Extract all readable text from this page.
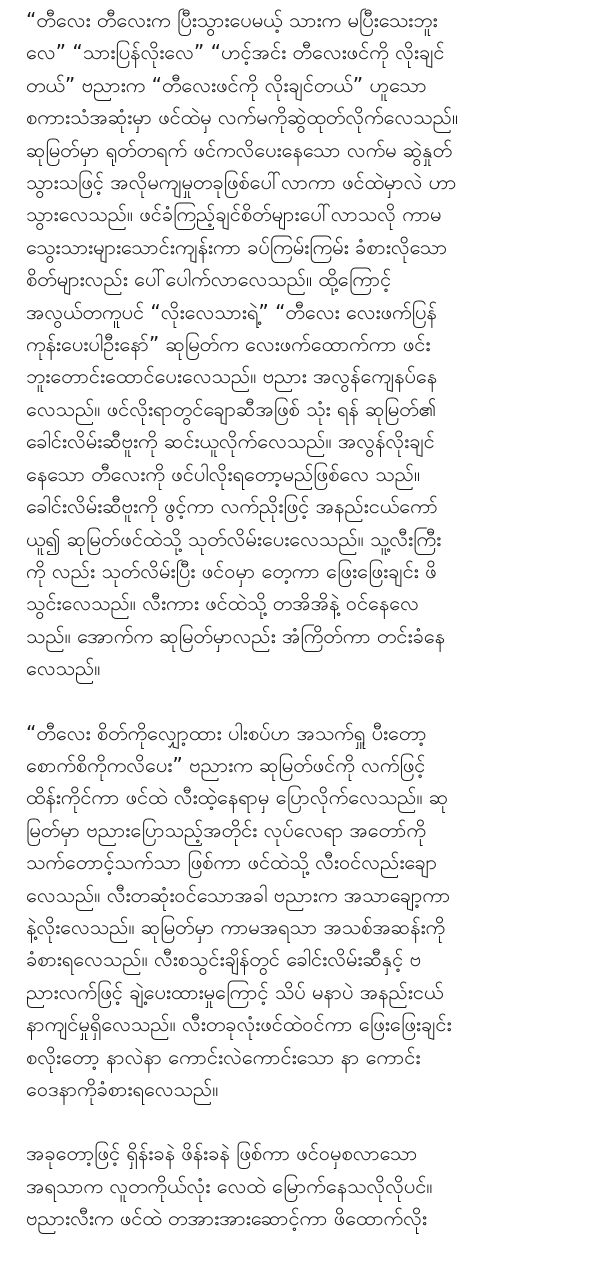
“တီလေး တီလေးက ပြီးသွားပေမယ့် သားက မပြီးသေးဘူး
လေ” “သားပြန်လိုးလေ” “ဟင့်အင်း တီလေးဖင်ကို လိုးချင်
တယ်” ဗညားက “တီလေးဖင်ကို လိုးချင်တယ်” ဟူသော
စကားသံအဆုံးမှာ ဖင်ထဲမှ လက်မကိုဆွဲထုတ်လိုက်လေသည်။
ဆုမြတ်မှာ ရုတ်တရက် ဖင်ကလိပေးနေသော လက်မ ဆွဲနှုတ်
သွားသဖြင့် အလိုမကျမှုတခုဖြစ်ပေါ်လာကာ ဖင်ထဲမှာလဲ ဟာ
သွားလေသည်။ ဖင်ခံကြည့်ချင်စိတ်များပေါ်လာသလို ကာမ
သွေးသားများသောင်းကျန်းကာ ခပ်ကြမ်းကြမ်း ခံစားလိုသော
စိတ်များလည်း ပေါ်ပေါက်လာလေသည်။ ထို့ကြောင့်
အလွယ်တကူပင် “လိုးလေသားရဲ့” “တီလေး လေးဖက်ပြန်
ကုန်းပေးပါဦးနော်” ဆုမြတ်က လေးဖက်ထောက်ကာ ဖင်း
ဘူးတောင်းထောင်ပေးလေသည်။ ဗညား အလွန်ကျေနပ်နေ
လေသည်။ ဖင်လိုးရာတွင်ချောဆီအဖြစ် သုံး ရန် ဆုမြတ်၏
ခေါင်းလိမ်းဆီဗူးကို ဆင်းယူလိုက်လေသည်။ အလွန်လိုးချင်
နေသော တီလေးကို ဖင်ပါလိုးရတော့မည်ဖြစ်လေ သည်။
ခေါင်းလိမ်းဆီဗူးကို ဖွင့်ကာ လက်ညိုးဖြင့် အနည်းငယ်ကော်
ယူ၍ ဆုမြတ်ဖင်ထဲသို့ သုတ်လိမ်းပေးလေသည်။ သူ့လီးကြီး
ကို လည်း သုတ်လိမ်းပြီး ဖင်ဝမှာ တေ့ကာ ဖြေးဖြေးချင်း ဖိ
သွင်းလေသည်။ လီးကား ဖင်ထဲသို့ တအိအိနဲ့ ဝင်နေလေ
သည်။ အောက်က ဆုမြတ်မှာလည်း အံကြိတ်ကာ တင်းခံနေ
လေသည်။
“တီလေး စိတ်ကိုလျှော့ထား ပါးစပ်ဟ အသက်ရှူ ပီးတော့
စောက်စိကိုကလိပေး” ဗညားက ဆုမြတ်ဖင်ကို လက်ဖြင့်
ထိန်းကိုင်ကာ ဖင်ထဲ လီးထဲ့နေရာမှ ပြောလိုက်လေသည်။ ဆု
မြတ်မှာ ဗညားပြောသည့်အတိုင်း လုပ်လေရာ အတော်ကို
သက်တောင့်သက်သာ ဖြစ်ကာ ဖင်ထဲသို့ လီးဝင်လည်းချော
လေသည်။ လီးတဆုံးဝင်သောအခါ ဗညားက အသာချော့ကာ
နဲ့လိုးလေသည်။ ဆုမြတ်မှာ ကာမအရသာ အသစ်အဆန်းကို
ခံစားရလေသည်။ လီးစသွင်းချိန်တွင် ခေါင်းလိမ်းဆီနှင့် ဗ
ညားလက်ဖြင့် ချဲ့ပေးထားမှုကြောင့် သိပ် မနာပဲ အနည်းငယ်
နာကျင်မှုရှိလေသည်။ လီးတခုလုံးဖင်ထဲဝင်ကာ ဖြေးဖြေးချင်း
စလိုးတော့ နာလဲနာ ကောင်းလဲကောင်းသော နာ ကောင်း
ဝေဒနာကိုခံစားရလေသည်။
အခုတော့ဖြင့် ရှိန်းခနဲ ဖိန်းခနဲ ဖြစ်ကာ ဖင်ဝမှစလာသော
အရသာက လူတကိုယ်လုံး လေထဲ မြောက်နေသလိုလိုပင်။
ဗညားလီးက ဖင်ထဲ တအားအားဆောင့်ကာ ဖိထောက်လိုး
